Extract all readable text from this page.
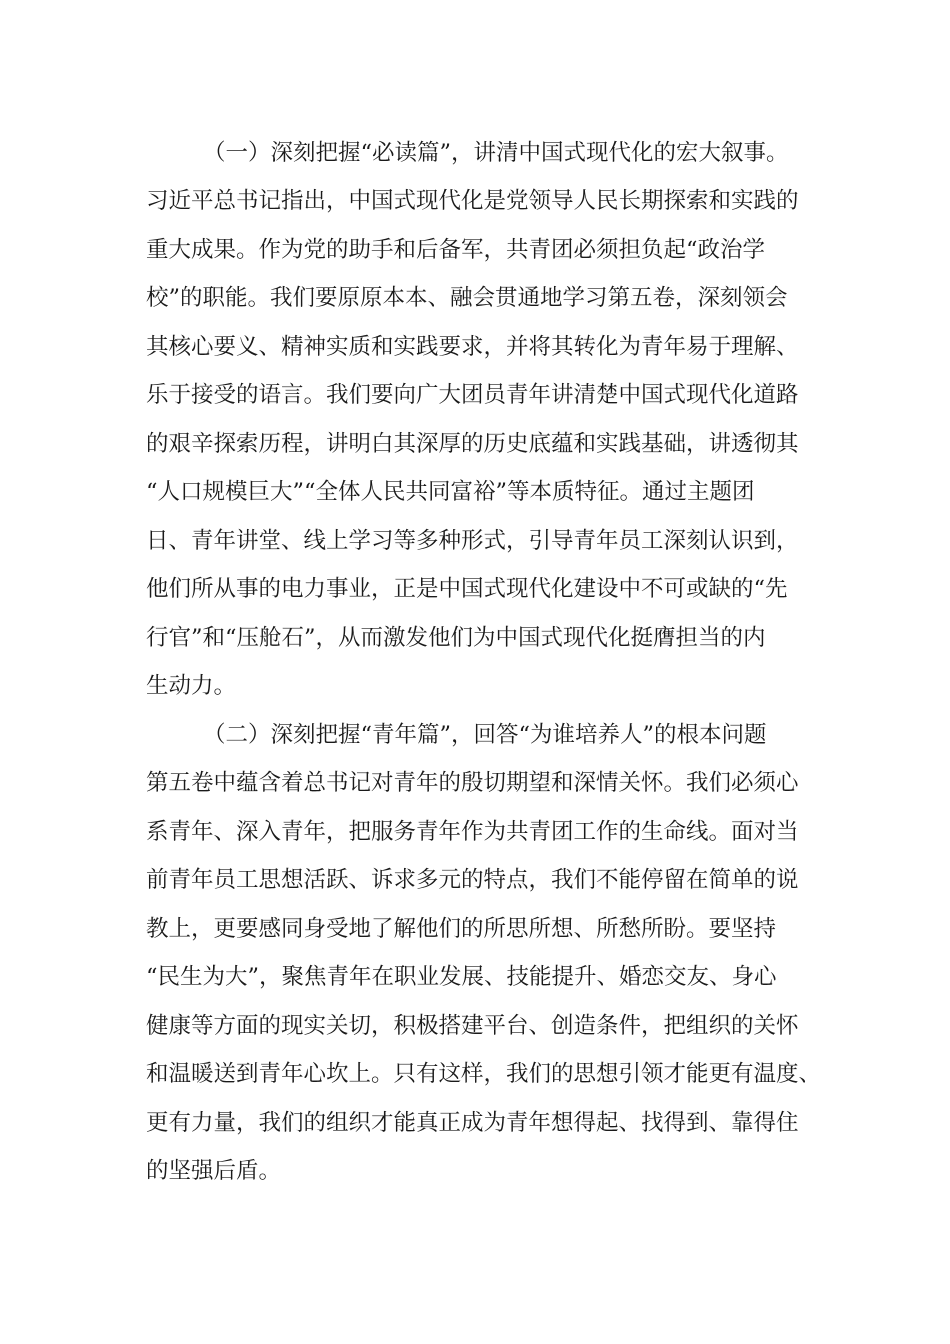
（一）深刻把握“必读篇”，讲清中国式现代化的宏大叙事。
习近平总书记指出，中国式现代化是党领导人民长期探索和实践的
重大成果。作为党的助手和后备军，共青团必须担负起“政治学
校”的职能。我们要原原本本、融会贯通地学习第五卷，深刻领会
其核心要义、精神实质和实践要求，并将其转化为青年易于理解、
乐于接受的语言。我们要向广大团员青年讲清楚中国式现代化道路
的艰辛探索历程，讲明白其深厚的历史底蕴和实践基础，讲透彻其
“人口规模巨大”“全体人民共同富裕”等本质特征。通过主题团
日、青年讲堂、线上学习等多种形式，引导青年员工深刻认识到，
他们所从事的电力事业，正是中国式现代化建设中不可或缺的“先
行官”和“压舱石”，从而激发他们为中国式现代化挺膺担当的内
生动力。
（二）深刻把握“青年篇”，回答“为谁培养人”的根本问题
第五卷中蕴含着总书记对青年的殷切期望和深情关怀。我们必须心
系青年、深入青年，把服务青年作为共青团工作的生命线。面对当
前青年员工思想活跃、诉求多元的特点，我们不能停留在简单的说
教上，更要感同身受地了解他们的所思所想、所愁所盼。要坚持
“民生为大”，聚焦青年在职业发展、技能提升、婚恋交友、身心
健康等方面的现实关切，积极搭建平台、创造条件，把组织的关怀
和温暖送到青年心坎上。只有这样，我们的思想引领才能更有温度、
更有力量，我们的组织才能真正成为青年想得起、找得到、靠得住
的坚强后盾。
